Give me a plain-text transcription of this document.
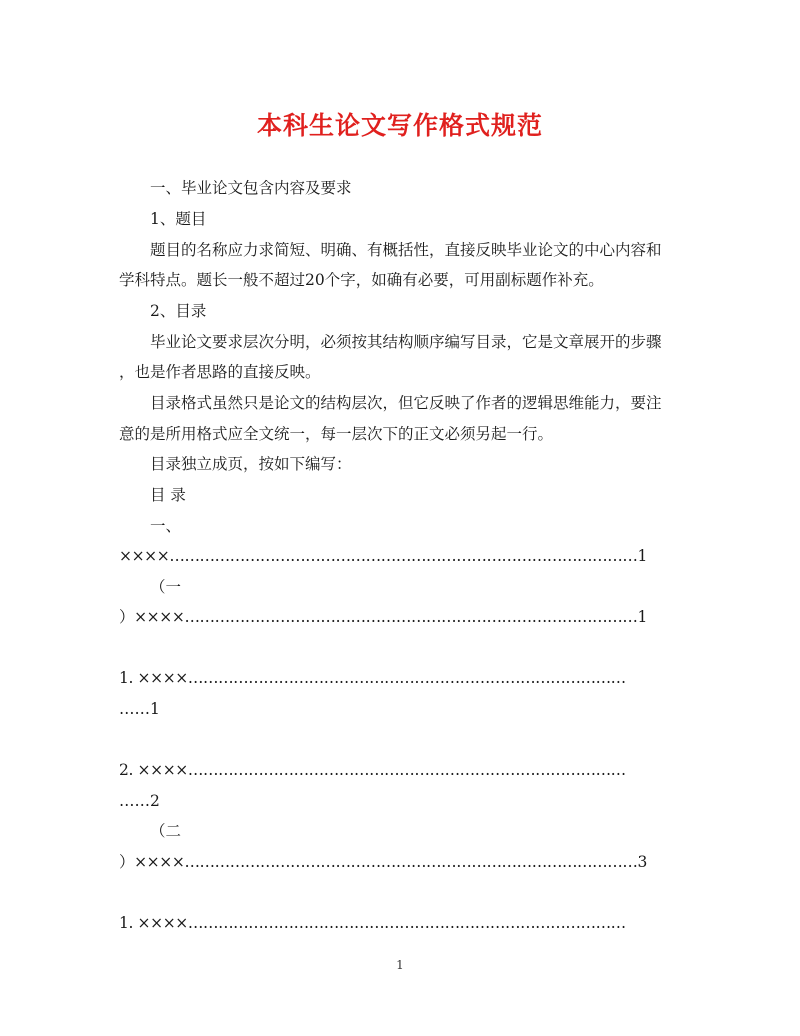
本科生论文写作格式规范
一、毕业论文包含内容及要求
1、题目
题目的名称应力求简短、明确、有概括性，直接反映毕业论文的中心内容和
学科特点。题长一般不超过20个字，如确有必要，可用副标题作补充。
2、目录
毕业论文要求层次分明，必须按其结构顺序编写目录，它是文章展开的步骤
，也是作者思路的直接反映。
目录格式虽然只是论文的结构层次，但它反映了作者的逻辑思维能力，要注
意的是所用格式应全文统一，每一层次下的正文必须另起一行。
目录独立成页，按如下编写：
目 录
一、
××××…………………………………………………………………………………1
（一
）××××………………………………………………………………………………1
1. ××××……………………………………………………………………………
……1
2. ××××……………………………………………………………………………
……2
（二
）××××………………………………………………………………………………3
1. ××××……………………………………………………………………………
1
